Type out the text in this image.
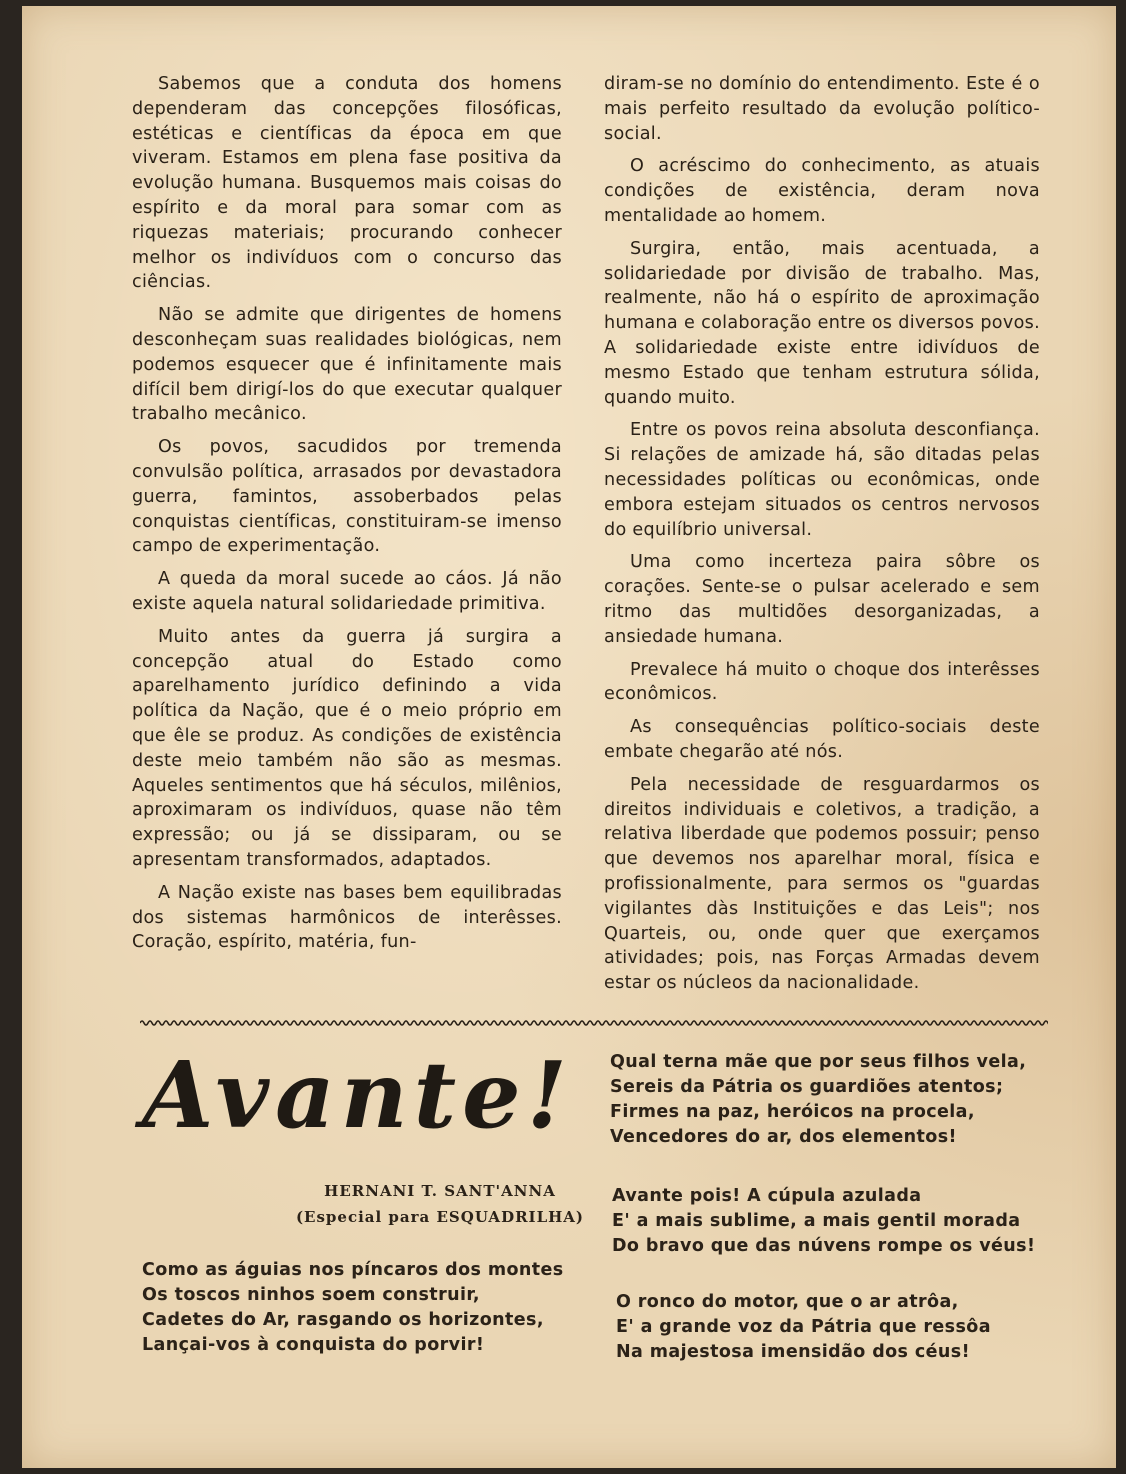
Sabemos que a conduta dos homens dependeram das concepções filosóficas, estéticas e científicas da época em que viveram. Estamos em plena fase positiva da evolução humana. Busquemos mais coisas do espírito e da moral para somar com as riquezas materiais; procurando conhecer melhor os indivíduos com o concurso das ciências.

Não se admite que dirigentes de homens desconheçam suas realidades biológicas, nem podemos esquecer que é infinitamente mais difícil bem dirigí-los do que executar qualquer trabalho mecânico.

Os povos, sacudidos por tremenda convulsão política, arrasados por devastadora guerra, famintos, assoberbados pelas conquistas científicas, constituiram-se imenso campo de experimentação.

A queda da moral sucede ao cáos. Já não existe aquela natural solidariedade primitiva.

Muito antes da guerra já surgira a concepção atual do Estado como aparelhamento jurídico definindo a vida política da Nação, que é o meio próprio em que êle se produz. As condições de existência deste meio também não são as mesmas. Aqueles sentimentos que há séculos, milênios, aproximaram os indivíduos, quase não têm expressão; ou já se dissiparam, ou se apresentam transformados, adaptados.

A Nação existe nas bases bem equilibradas dos sistemas harmônicos de interêsses. Coração, espírito, matéria, fun-

diram-se no domínio do entendimento. Este é o mais perfeito resultado da evolução político-social.

O acréscimo do conhecimento, as atuais condições de existência, deram nova mentalidade ao homem.

Surgira, então, mais acentuada, a solidariedade por divisão de trabalho. Mas, realmente, não há o espírito de aproximação humana e colaboração entre os diversos povos. A solidariedade existe entre idivíduos de mesmo Estado que tenham estrutura sólida, quando muito.

Entre os povos reina absoluta desconfiança. Si relações de amizade há, são ditadas pelas necessidades políticas ou econômicas, onde embora estejam situados os centros nervosos do equilíbrio universal.

Uma como incerteza paira sôbre os corações. Sente-se o pulsar acelerado e sem ritmo das multidões desorganizadas, a ansiedade humana.

Prevalece há muito o choque dos interêsses econômicos.

As consequências político-sociais deste embate chegarão até nós.

Pela necessidade de resguardarmos os direitos individuais e coletivos, a tradição, a relativa liberdade que podemos possuir; penso que devemos nos aparelhar moral, física e profissionalmente, para sermos os "guardas vigilantes dàs Instituições e das Leis"; nos Quarteis, ou, onde quer que exerçamos atividades; pois, nas Forças Armadas devem estar os núcleos da nacionalidade.

Avante!
HERNANI T. SANT'ANNA
(Especial para ESQUADRILHA)
Como as águias nos píncaros dos montes
Os toscos ninhos soem construir,
Cadetes do Ar, rasgando os horizontes,
Lançai-vos à conquista do porvir!
Qual terna mãe que por seus filhos vela,
Sereis da Pátria os guardiões atentos;
Firmes na paz, heróicos na procela,
Vencedores do ar, dos elementos!
Avante pois! A cúpula azulada
E' a mais sublime, a mais gentil morada
Do bravo que das núvens rompe os véus!
O ronco do motor, que o ar atrôa,
E' a grande voz da Pátria que ressôa
Na majestosa imensidão dos céus!
